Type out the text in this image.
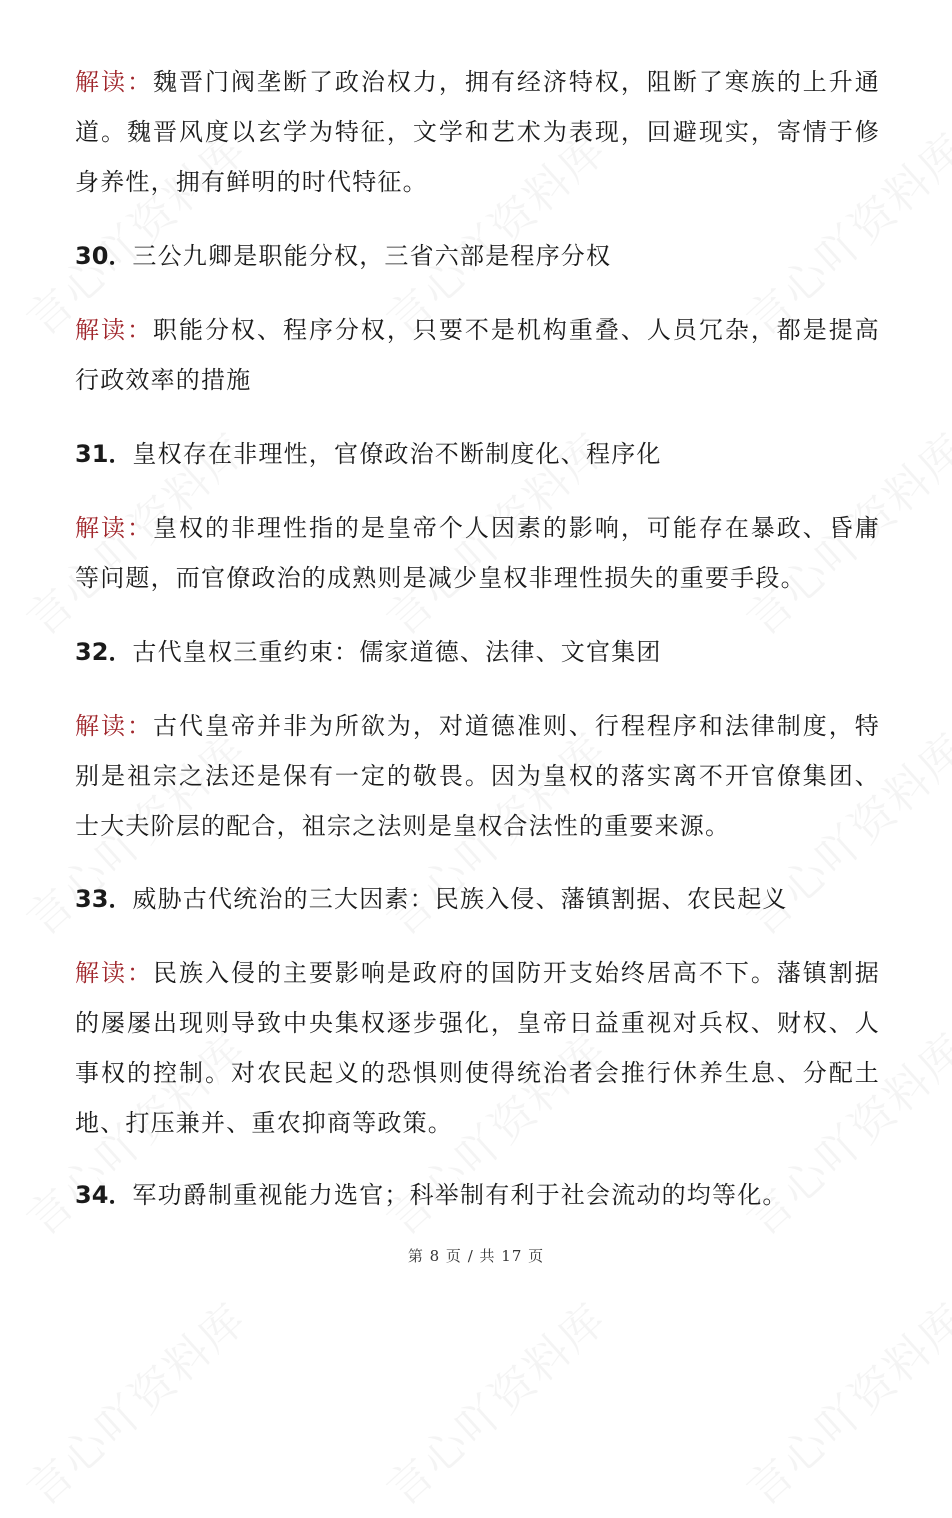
解读：魏晋门阀垄断了政治权力，拥有经济特权，阻断了寒族的上升通道。魏晋风度以玄学为特征，文学和艺术为表现，回避现实，寄情于修身养性，拥有鲜明的时代特征。
30．三公九卿是职能分权，三省六部是程序分权
解读：职能分权、程序分权，只要不是机构重叠、人员冗杂，都是提高行政效率的措施
31．皇权存在非理性，官僚政治不断制度化、程序化
解读：皇权的非理性指的是皇帝个人因素的影响，可能存在暴政、昏庸等问题，而官僚政治的成熟则是减少皇权非理性损失的重要手段。
32．古代皇权三重约束：儒家道德、法律、文官集团
解读：古代皇帝并非为所欲为，对道德准则、行程程序和法律制度，特别是祖宗之法还是保有一定的敬畏。因为皇权的落实离不开官僚集团、士大夫阶层的配合，祖宗之法则是皇权合法性的重要来源。
33．威胁古代统治的三大因素：民族入侵、藩镇割据、农民起义
解读：民族入侵的主要影响是政府的国防开支始终居高不下。藩镇割据的屡屡出现则导致中央集权逐步强化，皇帝日益重视对兵权、财权、人事权的控制。对农民起义的恐惧则使得统治者会推行休养生息、分配土地、打压兼并、重农抑商等政策。
34．军功爵制重视能力选官；科举制有利于社会流动的均等化。
第 8 页 / 共 17 页
